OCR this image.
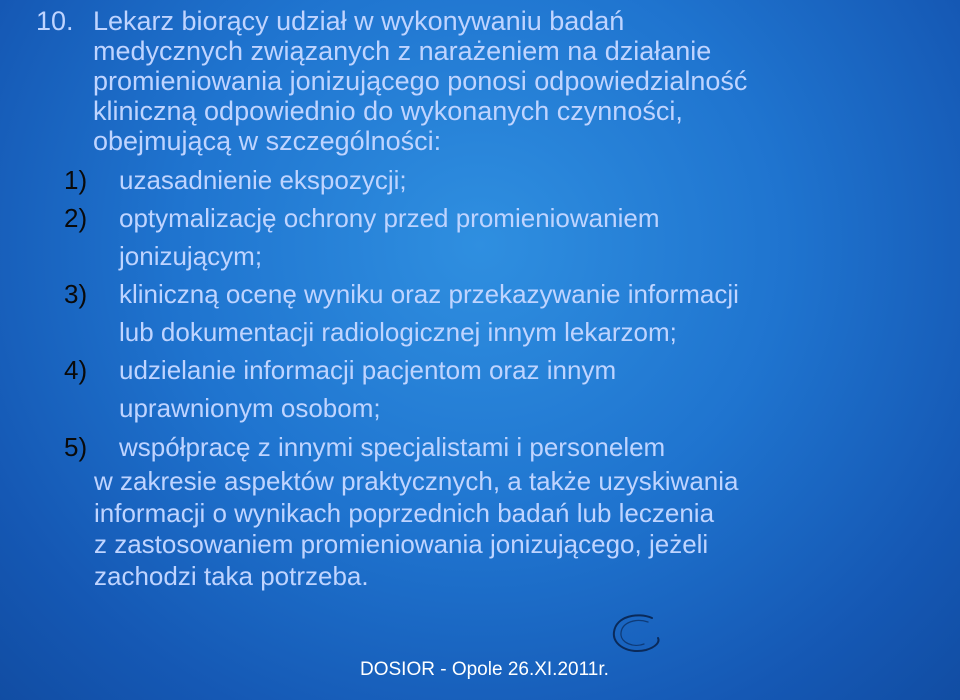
10. Lekarz biorący udział w wykonywaniu badań
medycznych związanych z narażeniem na działanie
promieniowania jonizującego ponosi odpowiedzialność
kliniczną odpowiednio do wykonanych czynności,
obejmującą w szczególności:
1)	uzasadnienie ekspozycji;
2)	optymalizację ochrony przed promieniowaniem
jonizującym;
3)	kliniczną ocenę wyniku oraz przekazywanie informacji
lub dokumentacji radiologicznej innym lekarzom;
4)	udzielanie informacji pacjentom oraz innym
uprawnionym osobom;
5)	współpracę z innymi specjalistami i personelem
w zakresie aspektów praktycznych, a także uzyskiwania
informacji o wynikach poprzednich badań lub leczenia
z zastosowaniem promieniowania jonizującego, jeżeli
zachodzi taka potrzeba.
DOSIOR - Opole 26.XI.2011r.
